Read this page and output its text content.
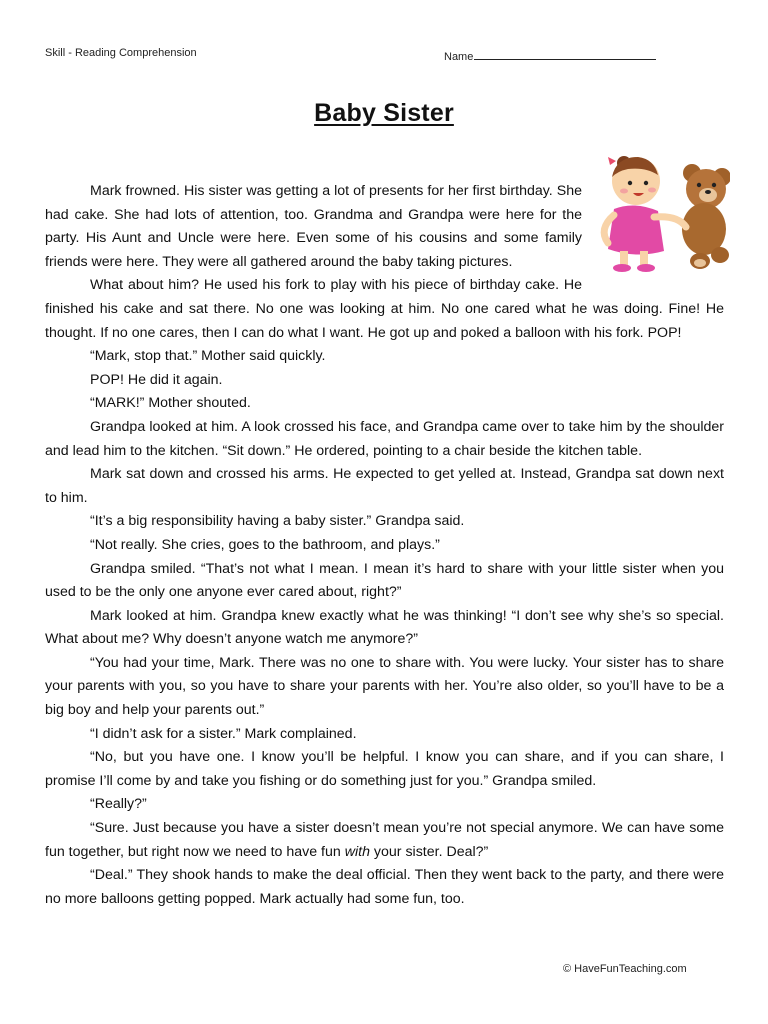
Skill - Reading Comprehension	Name
Baby Sister

Mark frowned. His sister was getting a lot of presents for her first birthday. She had cake. She had lots of attention, too. Grandma and Grandpa were here for the party. His Aunt and Uncle were here. Even some of his cousins and some family friends were here. They were all gathered around the baby taking pictures.

What about him? He used his fork to play with his piece of birthday cake. He finished his cake and sat there. No one was looking at him. No one cared what he was doing. Fine! He thought. If no one cares, then I can do what I want. He got up and poked a balloon with his fork. POP!

“Mark, stop that.” Mother said quickly.

POP! He did it again.

“MARK!” Mother shouted.

Grandpa looked at him. A look crossed his face, and Grandpa came over to take him by the shoulder and lead him to the kitchen. “Sit down.” He ordered, pointing to a chair beside the kitchen table.

Mark sat down and crossed his arms. He expected to get yelled at. Instead, Grandpa sat down next to him.

“It’s a big responsibility having a baby sister.” Grandpa said.

“Not really. She cries, goes to the bathroom, and plays.”

Grandpa smiled. “That’s not what I mean. I mean it’s hard to share with your little sister when you used to be the only one anyone ever cared about, right?”

Mark looked at him. Grandpa knew exactly what he was thinking! “I don’t see why she’s so special. What about me? Why doesn’t anyone watch me anymore?”

“You had your time, Mark. There was no one to share with. You were lucky. Your sister has to share your parents with you, so you have to share your parents with her. You’re also older, so you’ll have to be a big boy and help your parents out.”

“I didn’t ask for a sister.” Mark complained.

“No, but you have one. I know you’ll be helpful. I know you can share, and if you can share, I promise I’ll come by and take you fishing or do something just for you.” Grandpa smiled.

“Really?”

“Sure. Just because you have a sister doesn’t mean you’re not special anymore. We can have some fun together, but right now we need to have fun with your sister. Deal?”

“Deal.” They shook hands to make the deal official. Then they went back to the party, and there were no more balloons getting popped. Mark actually had some fun, too.

© HaveFunTeaching.com
